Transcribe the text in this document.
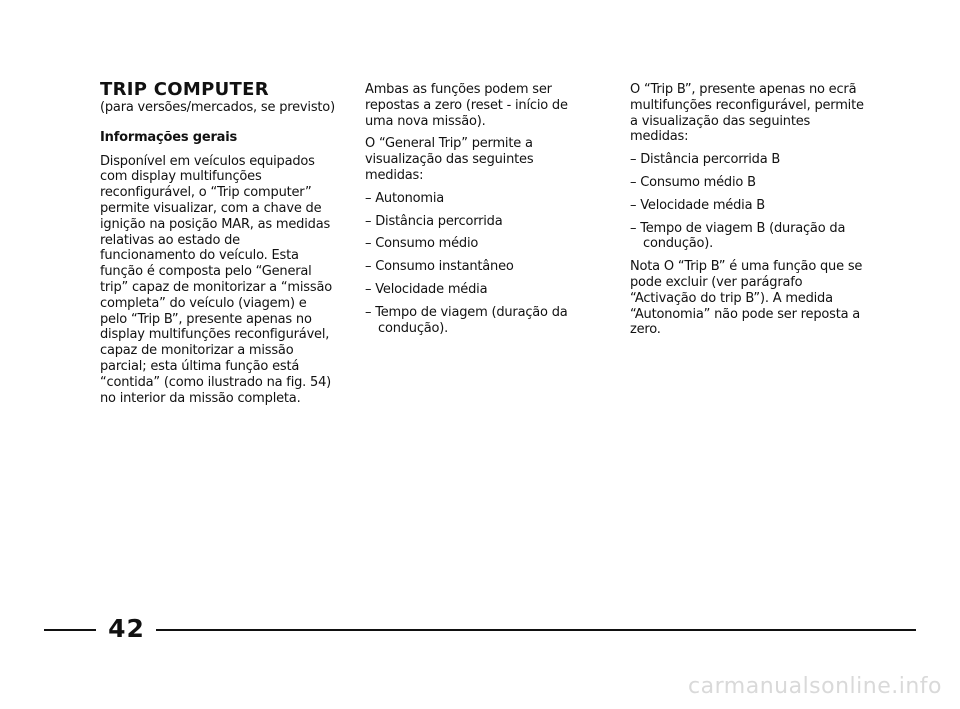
TRIP COMPUTER

(para versões/mercados, se previsto)

Informações gerais

Disponível em veículos equipados com display multifunções reconfigurável, o “Trip computer” permite visualizar, com a chave de ignição na posição MAR, as medidas relativas ao estado de funcionamento do veículo. Esta função é composta pelo “General trip” capaz de monitorizar a “missão completa” do veículo (viagem) e pelo “Trip B”, presente apenas no display multifunções reconfigurável, capaz de monitorizar a missão parcial; esta última função está “contida” (como ilustrado na fig. 54) no interior da missão completa.

Ambas as funções podem ser repostas a zero (reset - início de uma nova missão).

O “General Trip” permite a visualização das seguintes medidas:

– Autonomia
– Distância percorrida
– Consumo médio
– Consumo instantâneo
– Velocidade média
– Tempo de viagem (duração da condução).

O “Trip B”, presente apenas no ecrã multifunções reconfigurável, permite a visualização das seguintes medidas:

– Distância percorrida B
– Consumo médio B
– Velocidade média B
– Tempo de viagem B (duração da condução).

Nota O “Trip B” é uma função que se pode excluir (ver parágrafo “Activação do trip B”). A medida “Autonomia” não pode ser reposta a zero.

42
carmanualsonline.info
